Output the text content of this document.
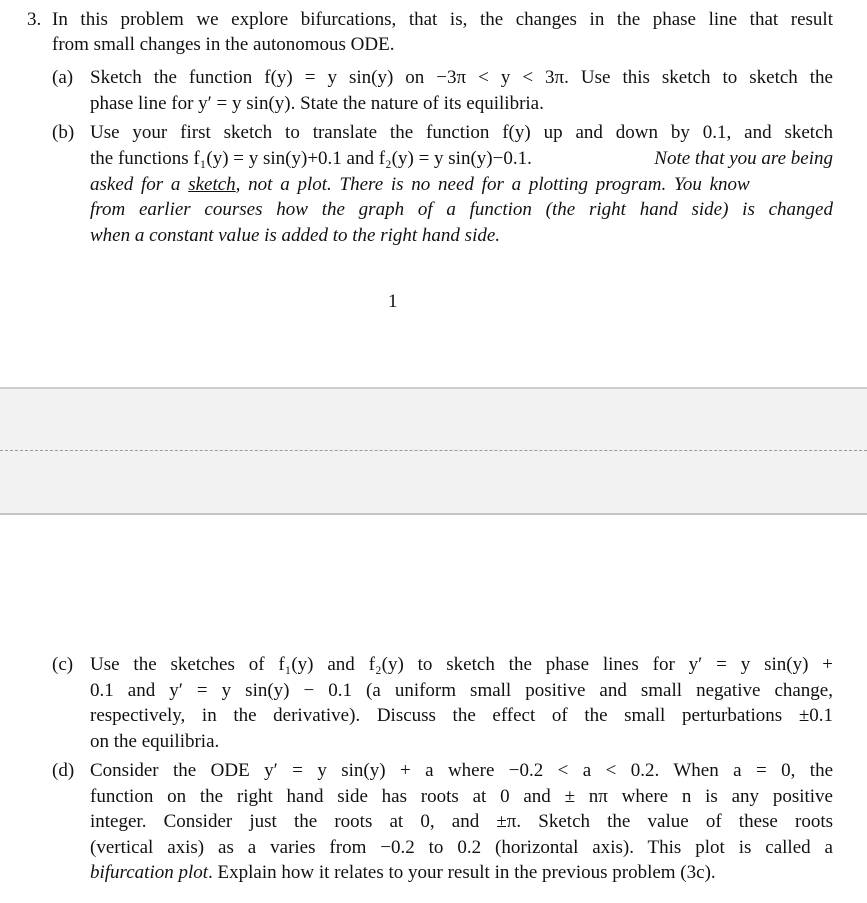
3. In this problem we explore bifurcations, that is, the changes in the phase line that result
from small changes in the autonomous ODE.
(a) Sketch the function f(y) = y sin(y) on −3π < y < 3π. Use this sketch to sketch the
phase line for y′ = y sin(y). State the nature of its equilibria.
(b) Use your first sketch to translate the function f(y) up and down by 0.1, and sketch
the functions f₁(y) = y sin(y)+0.1 and f₂(y) = y sin(y)−0.1.	Note that you are being
asked for a sketch, not a plot. There is no need for a plotting program. You know
from earlier courses how the graph of a function (the right hand side) is changed
when a constant value is added to the right hand side.
1
(c) Use the sketches of f₁(y) and f₂(y) to sketch the phase lines for y′ = y sin(y) +
0.1 and y′ = y sin(y) − 0.1 (a uniform small positive and small negative change,
respectively, in the derivative). Discuss the effect of the small perturbations ±0.1
on the equilibria.
(d) Consider the ODE y′ = y sin(y) + a where −0.2 < a < 0.2. When a = 0, the
function on the right hand side has roots at 0 and ± nπ where n is any positive
integer. Consider just the roots at 0, and ±π. Sketch the value of these roots
(vertical axis) as a varies from −0.2 to 0.2 (horizontal axis). This plot is called a
bifurcation plot. Explain how it relates to your result in the previous problem (3c).
